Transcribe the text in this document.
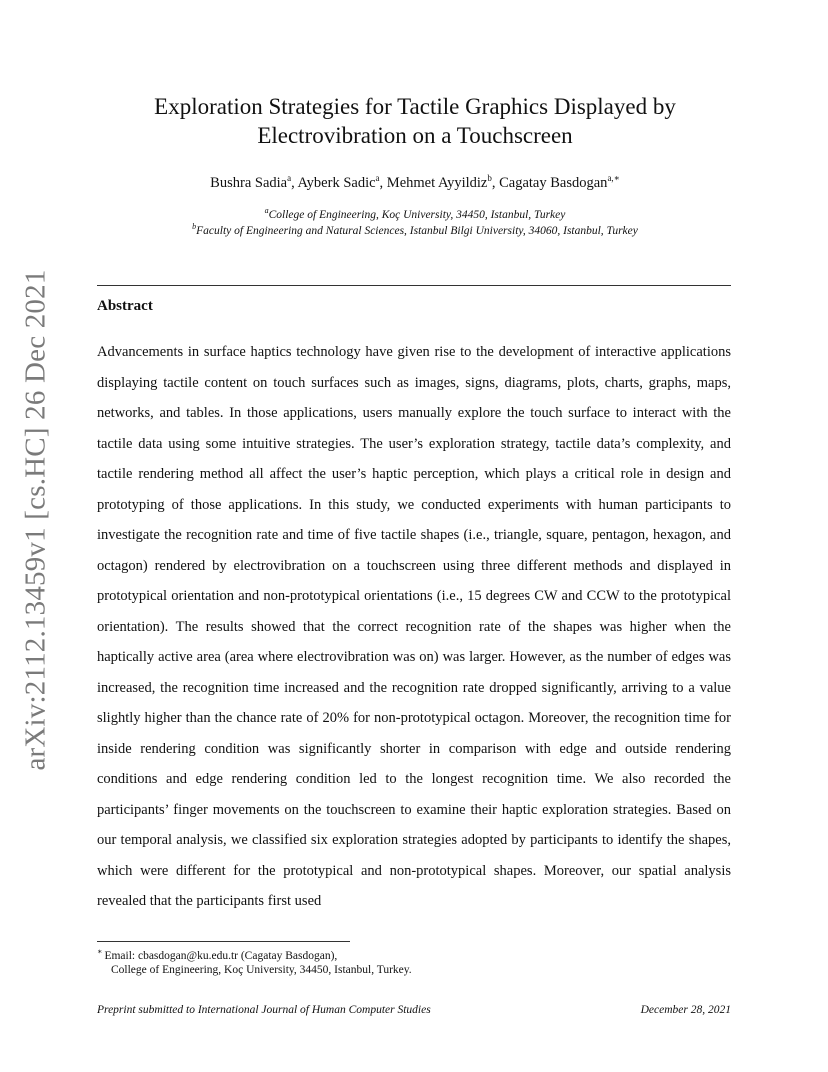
arXiv:2112.13459v1 [cs.HC] 26 Dec 2021
Exploration Strategies for Tactile Graphics Displayed by
Electrovibration on a Touchscreen
Bushra Sadia$^a$, Ayberk Sadic$^a$, Mehmet Ayyildiz$^b$, Cagatay Basdogan$^{a,∗}$
$^a$College of Engineering, Koç University, 34450, Istanbul, Turkey
$^b$Faculty of Engineering and Natural Sciences, Istanbul Bilgi University, 34060, Istanbul, Turkey
Abstract

Advancements in surface haptics technology have given rise to the development of interactive applications displaying tactile content on touch surfaces such as images, signs, diagrams, plots, charts, graphs, maps, networks, and tables. In those applications, users manually explore the touch surface to interact with the tactile data using some intuitive strategies. The user’s exploration strategy, tactile data’s complexity, and tactile rendering method all affect the user’s haptic perception, which plays a critical role in design and prototyping of those applications. In this study, we conducted experiments with human participants to investigate the recognition rate and time of five tactile shapes (i.e., triangle, square, pentagon, hexagon, and octagon) rendered by electrovibration on a touchscreen using three different methods and displayed in prototypical orientation and non-prototypical orientations (i.e., 15 degrees CW and CCW to the prototypical orientation). The results showed that the correct recognition rate of the shapes was higher when the haptically active area (area where electrovibration was on) was larger. However, as the number of edges was increased, the recognition time increased and the recognition rate dropped significantly, arriving to a value slightly higher than the chance rate of 20% for non-prototypical octagon. Moreover, the recognition time for inside rendering condition was significantly shorter in comparison with edge and outside rendering conditions and edge rendering condition led to the longest recognition time. We also recorded the participants’ finger movements on the touchscreen to examine their haptic exploration strategies. Based on our temporal analysis, we classified six exploration strategies adopted by participants to identify the shapes, which were different for the prototypical and non-prototypical shapes. Moreover, our spatial analysis revealed that the participants first used

∗ Email: cbasdogan@ku.edu.tr (Cagatay Basdogan),
College of Engineering, Koç University, 34450, Istanbul, Turkey.
Preprint submitted to International Journal of Human Computer Studies	December 28, 2021
